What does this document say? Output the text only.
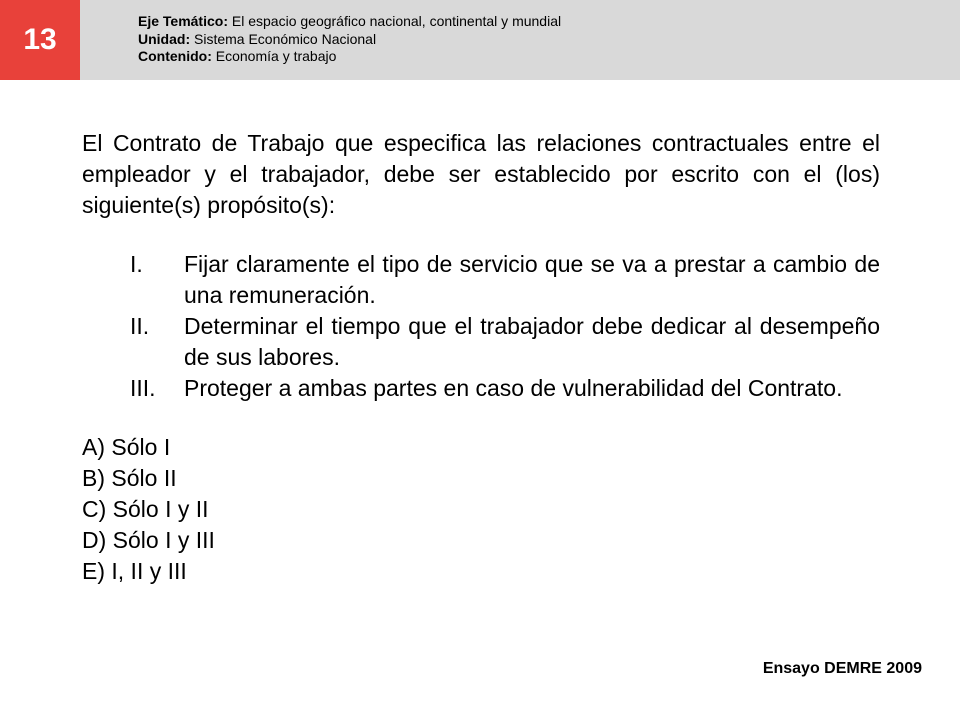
13
Eje Temático: El espacio geográfico nacional, continental y mundial
Unidad: Sistema Económico Nacional
Contenido: Economía y trabajo

El Contrato de Trabajo que especifica las relaciones contractuales entre el empleador y el trabajador, debe ser establecido por escrito con el (los) siguiente(s) propósito(s):

I. Fijar claramente el tipo de servicio que se va a prestar a cambio de una remuneración.
II. Determinar el tiempo que el trabajador debe dedicar al desempeño de sus labores.
III. Proteger a ambas partes en caso de vulnerabilidad del Contrato.
A) Sólo I
B) Sólo II
C) Sólo I y II
D) Sólo I y III
E) I, II y III
Ensayo DEMRE 2009
